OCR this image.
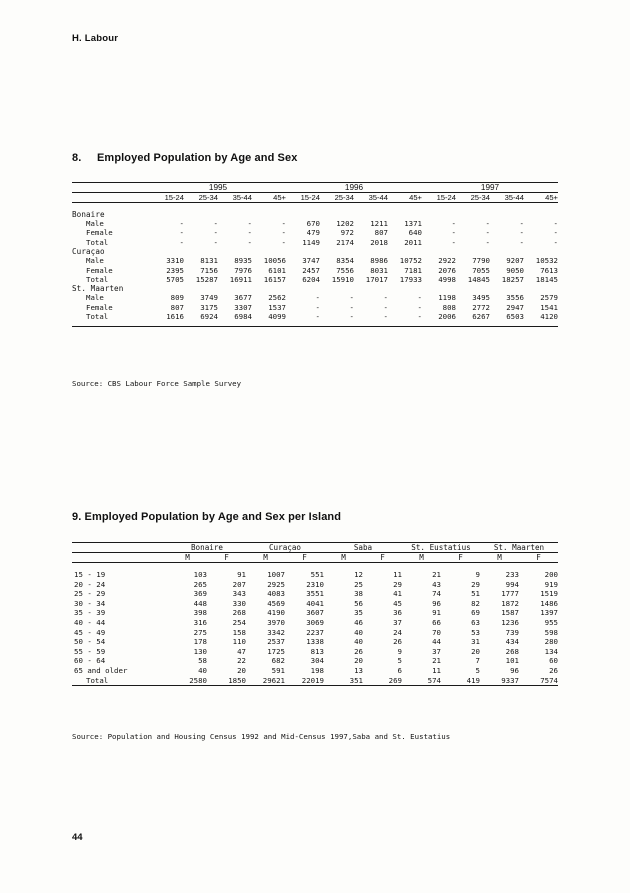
H. Labour
8. Employed Population by Age and Sex

	1995				1996				1997			

	15-24	25-34	35-44	45+	15-24	25-34	35-44	45+	15-24	25-34	35-44	45+

Bonaire												
Male	-	-	-	-	670	1202	1211	1371	-	-	-	-
Female	-	-	-	-	479	972	807	640	-	-	-	-
Total	-	-	-	-	1149	2174	2018	2011	-	-	-	-
Curaçao												
Male	3310	8131	8935	10056	3747	8354	8986	10752	2922	7790	9207	10532
Female	2395	7156	7976	6101	2457	7556	8031	7181	2076	7055	9050	7613
Total	5705	15287	16911	16157	6204	15910	17017	17933	4998	14845	18257	18145
St. Maarten												
Male	809	3749	3677	2562	-	-	-	-	1198	3495	3556	2579
Female	807	3175	3307	1537	-	-	-	-	808	2772	2947	1541
Total	1616	6924	6984	4099	-	-	-	-	2006	6267	6503	4120

Source: CBS Labour Force Sample Survey
9. Employed Population by Age and Sex per Island

	Bonaire		Curaçao		Saba		St. Eustatius		St. Maarten	

	M	F	M	F	M	F	M	F	M	F

15 - 19	103	91	1007	551	12	11	21	9	233	200
20 - 24	265	207	2925	2310	25	29	43	29	994	919
25 - 29	369	343	4083	3551	38	41	74	51	1777	1519
30 - 34	448	330	4569	4041	56	45	96	82	1872	1486
35 - 39	398	268	4190	3607	35	36	91	69	1587	1397
40 - 44	316	254	3970	3069	46	37	66	63	1236	955
45 - 49	275	158	3342	2237	40	24	70	53	739	598
50 - 54	178	110	2537	1338	40	26	44	31	434	280
55 - 59	130	47	1725	813	26	9	37	20	268	134
60 - 64	58	22	682	304	20	5	21	7	101	60
65 and older	40	20	591	198	13	6	11	5	96	26
Total	2580	1850	29621	22019	351	269	574	419	9337	7574

Source: Population and Housing Census 1992 and Mid-Census 1997,Saba and St. Eustatius
44
